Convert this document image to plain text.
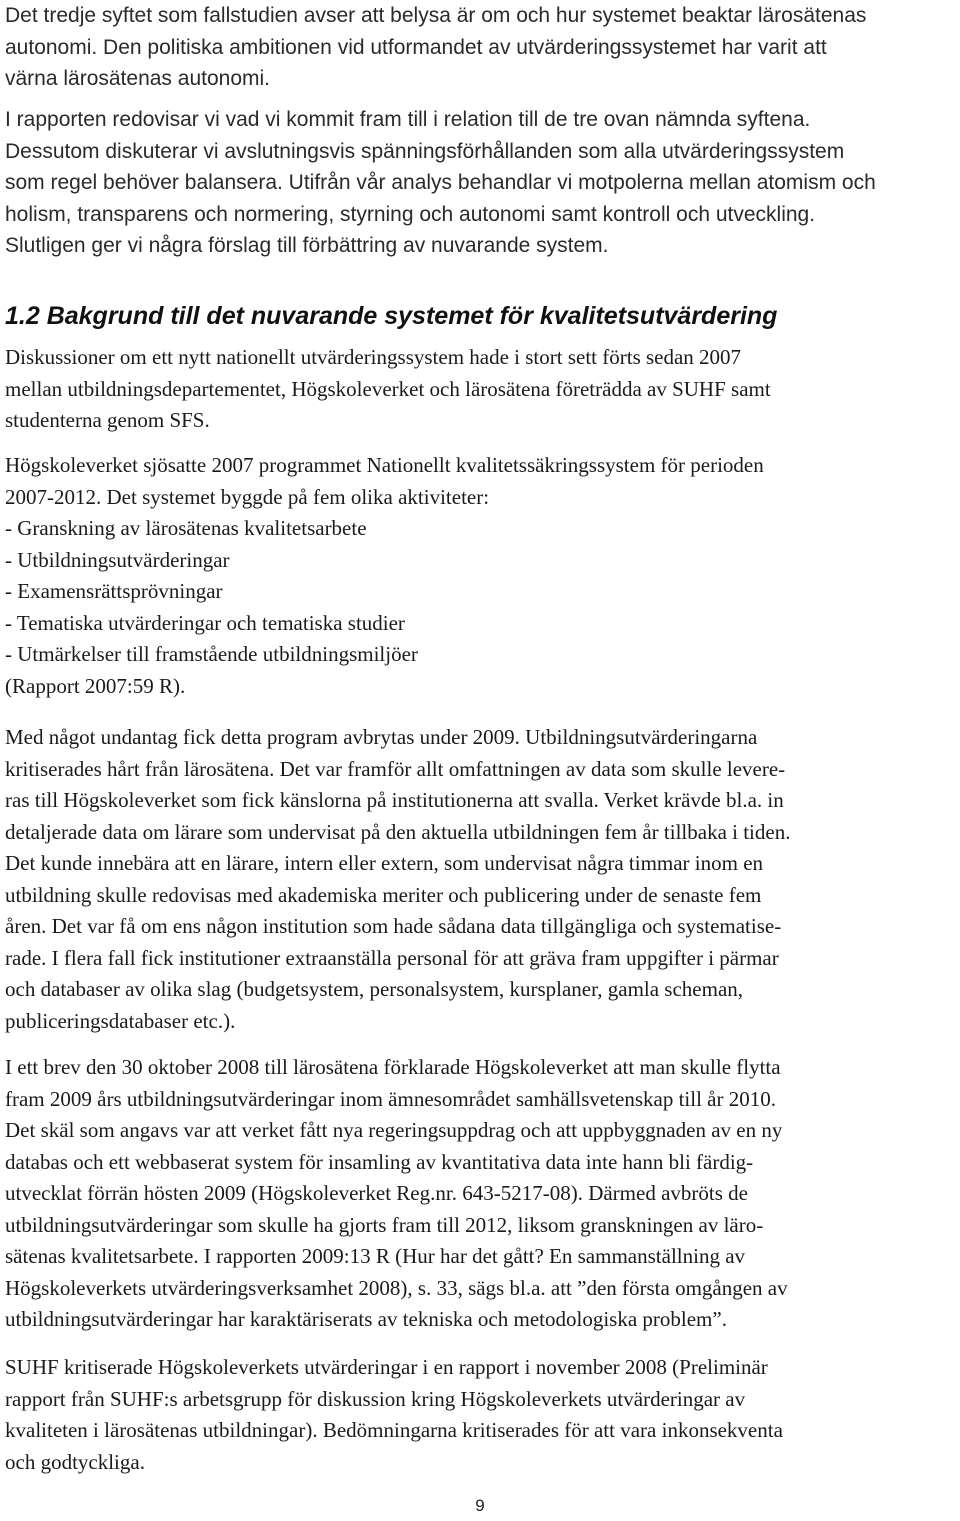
Det tredje syftet som fallstudien avser att belysa är om och hur systemet beaktar lärosätenas
autonomi. Den politiska ambitionen vid utformandet av utvärderingssystemet har varit att
värna lärosätenas autonomi.
I rapporten redovisar vi vad vi kommit fram till i relation till de tre ovan nämnda syftena.
Dessutom diskuterar vi avslutningsvis spänningsförhållanden som alla utvärderingssystem
som regel behöver balansera. Utifrån vår analys behandlar vi motpolerna mellan atomism och
holism, transparens och normering, styrning och autonomi samt kontroll och utveckling.
Slutligen ger vi några förslag till förbättring av nuvarande system.
1.2 Bakgrund till det nuvarande systemet för kvalitetsutvärdering
Diskussioner om ett nytt nationellt utvärderingssystem hade i stort sett förts sedan 2007
mellan utbildningsdepartementet, Högskoleverket och lärosätena företrädda av SUHF samt
studenterna genom SFS.
Högskoleverket sjösatte 2007 programmet Nationellt kvalitetssäkringssystem för perioden
2007-2012. Det systemet byggde på fem olika aktiviteter:
- Granskning av lärosätenas kvalitetsarbete
- Utbildningsutvärderingar
- Examensrättsprövningar
- Tematiska utvärderingar och tematiska studier
- Utmärkelser till framstående utbildningsmiljöer
(Rapport 2007:59 R).
Med något undantag fick detta program avbrytas under 2009. Utbildningsutvärderingarna
kritiserades hårt från lärosätena. Det var framför allt omfattningen av data som skulle levere-
ras till Högskoleverket som fick känslorna på institutionerna att svalla. Verket krävde bl.a. in
detaljerade data om lärare som undervisat på den aktuella utbildningen fem år tillbaka i tiden.
Det kunde innebära att en lärare, intern eller extern, som undervisat några timmar inom en
utbildning skulle redovisas med akademiska meriter och publicering under de senaste fem
åren. Det var få om ens någon institution som hade sådana data tillgängliga och systematise-
rade. I flera fall fick institutioner extraanställa personal för att gräva fram uppgifter i pärmar
och databaser av olika slag (budgetsystem, personalsystem, kursplaner, gamla scheman,
publiceringsdatabaser etc.).
I ett brev den 30 oktober 2008 till lärosätena förklarade Högskoleverket att man skulle flytta
fram 2009 års utbildningsutvärderingar inom ämnesområdet samhällsvetenskap till år 2010.
Det skäl som angavs var att verket fått nya regeringsuppdrag och att uppbyggnaden av en ny
databas och ett webbaserat system för insamling av kvantitativa data inte hann bli färdig-
utvecklat förrän hösten 2009 (Högskoleverket Reg.nr. 643-5217-08). Därmed avbröts de
utbildningsutvärderingar som skulle ha gjorts fram till 2012, liksom granskningen av läro-
sätenas kvalitetsarbete. I rapporten 2009:13 R (Hur har det gått? En sammanställning av
Högskoleverkets utvärderingsverksamhet 2008), s. 33, sägs bl.a. att ”den första omgången av
utbildningsutvärderingar har karaktäriserats av tekniska och metodologiska problem”.
SUHF kritiserade Högskoleverkets utvärderingar i en rapport i november 2008 (Preliminär
rapport från SUHF:s arbetsgrupp för diskussion kring Högskoleverkets utvärderingar av
kvaliteten i lärosätenas utbildningar). Bedömningarna kritiserades för att vara inkonsekventa
och godtyckliga.
9
